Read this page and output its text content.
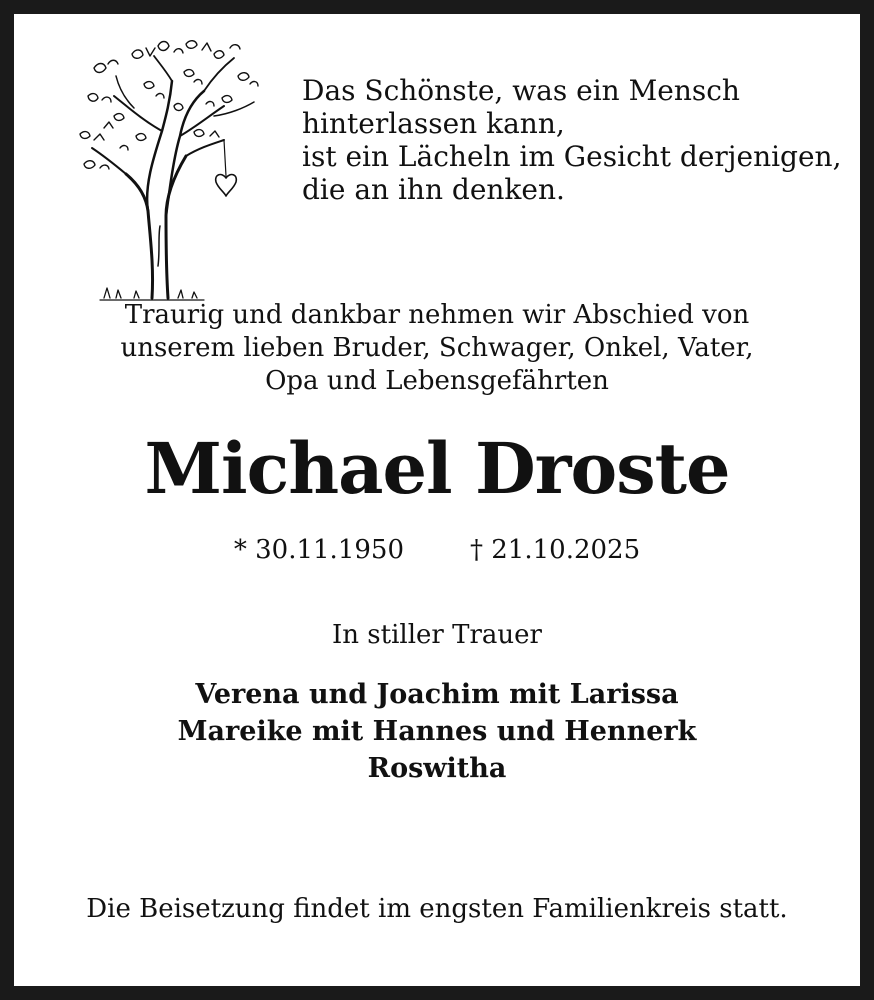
Das Schönste, was ein Mensch
hinterlassen kann,
ist ein Lächeln im Gesicht derjenigen,
die an ihn denken.
Traurig und dankbar nehmen wir Abschied von
unserem lieben Bruder, Schwager, Onkel, Vater,
Opa und Lebensgefährten
Michael Droste
* 30.11.1950	† 21.10.2025
In stiller Trauer
Verena und Joachim mit Larissa
Mareike mit Hannes und Hennerk
Roswitha
Die Beisetzung findet im engsten Familienkreis statt.
